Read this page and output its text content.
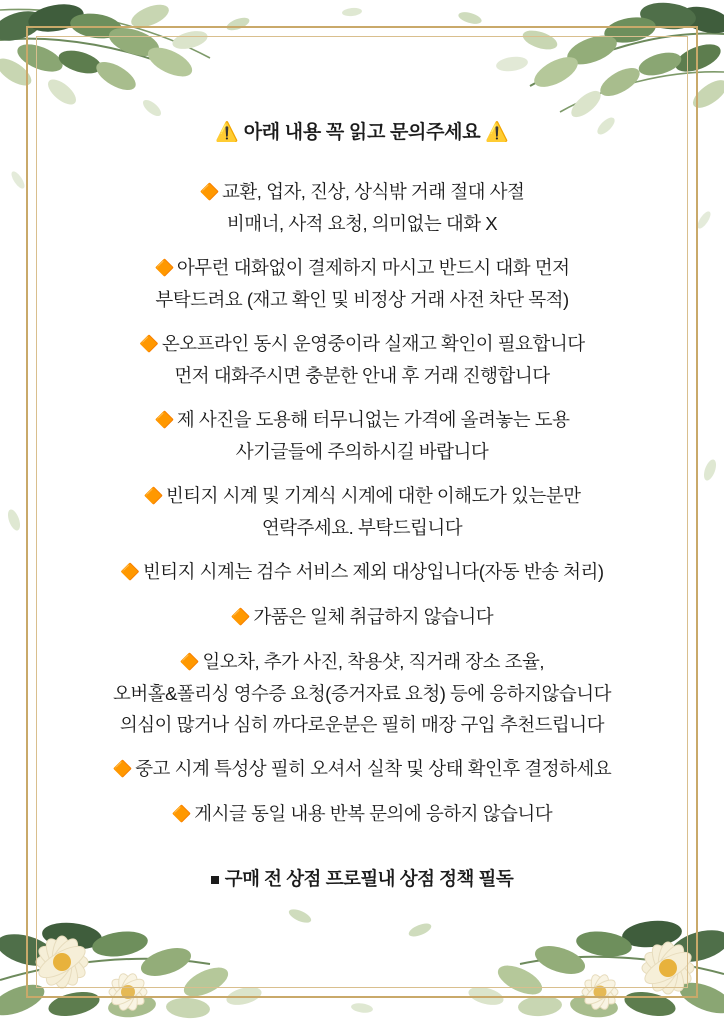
⚠️ 아래 내용 꼭 읽고 문의주세요 ⚠️
🔶 교환, 업자, 진상, 상식밖 거래 절대 사절
비매너, 사적 요청, 의미없는 대화 X
🔶 아무런 대화없이 결제하지 마시고 반드시 대화 먼저
부탁드려요 (재고 확인 및 비정상 거래 사전 차단 목적)
🔶 온오프라인 동시 운영중이라 실재고 확인이 필요합니다
먼저 대화주시면 충분한 안내 후 거래 진행합니다
🔶 제 사진을 도용해 터무니없는 가격에 올려놓는 도용
사기글들에 주의하시길 바랍니다
🔶 빈티지 시계 및 기계식 시계에 대한 이해도가 있는분만
연락주세요. 부탁드립니다
🔶 빈티지 시계는 검수 서비스 제외 대상입니다(자동 반송 처리)
🔶 가품은 일체 취급하지 않습니다
🔶 일오차, 추가 사진, 착용샷, 직거래 장소 조율,
오버홀&폴리싱 영수증 요청(증거자료 요청) 등에 응하지않습니다
의심이 많거나 심히 까다로운분은 필히 매장 구입 추천드립니다
🔶 중고 시계 특성상 필히 오셔서 실착 및 상태 확인후 결정하세요
🔶 게시글 동일 내용 반복 문의에 응하지 않습니다
구매 전 상점 프로필내 상점 정책 필독
